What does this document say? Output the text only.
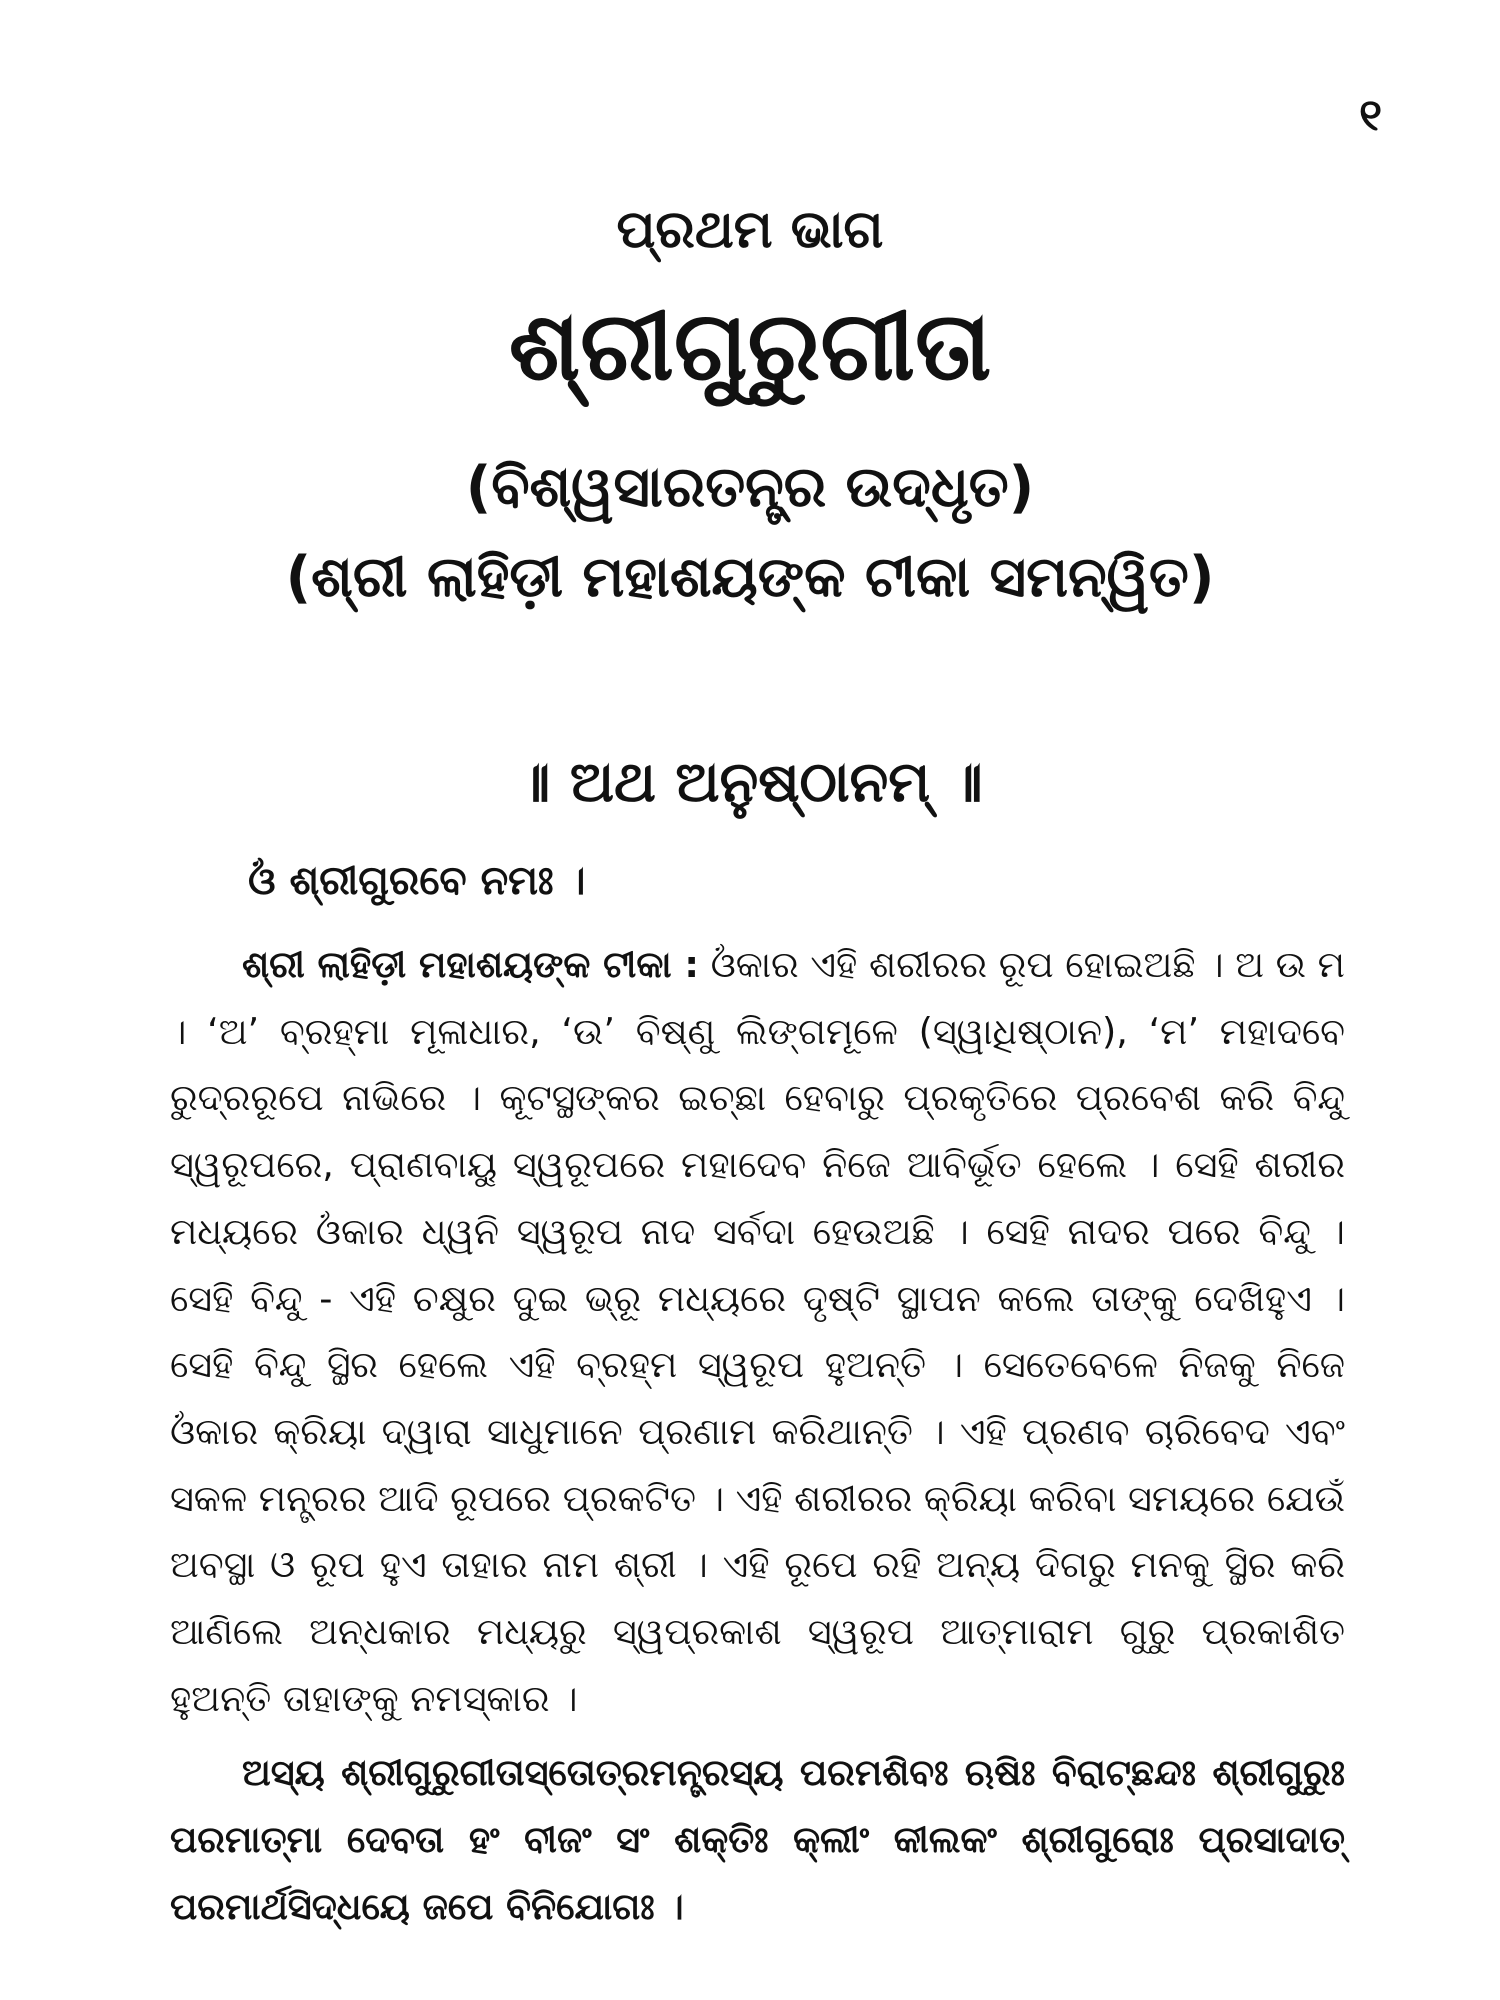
୧
ପ୍ରଥମ ଭାଗ
ଶ୍ରୀଗୁରୁଗୀତା
(ବିଶ୍ୱସାରତନ୍ତ୍ର ଉଦ୍ଧୃତ)
(ଶ୍ରୀ ଲାହିଡ଼ୀ ମହାଶୟଙ୍କ ଟୀକା ସମନ୍ୱିତ)
॥ ଅଥ ଅନୁଷ୍ଠାନମ୍ ॥
ଓଁ ଶ୍ରୀଗୁରବେ ନମଃ ।

ଶ୍ରୀ ଲାହିଡ଼ୀ ମହାଶୟଙ୍କ ଟୀକା : ଓଁକାର ଏହି ଶରୀରର ରୂପ ହୋଇଅଛି । ଅ ଉ ମ । ‘ଅ’ ବ୍ରହ୍ମା ମୂଳାଧାର, ‘ଉ’ ବିଷ୍ଣୁ ଲିଙ୍ଗମୂଳେ (ସ୍ୱାଧିଷ୍ଠାନ), ‘ମ’ ମହାଦବେ ରୁଦ୍ରରୂପେ ନାଭିରେ । କୂଟସ୍ଥଙ୍କର ଇଚ୍ଛା ହେବାରୁ ପ୍ରକୃତିରେ ପ୍ରବେଶ କରି ବିନ୍ଦୁ ସ୍ୱରୂପରେ, ପ୍ରାଣବାୟୁ ସ୍ୱରୂପରେ ମହାଦେବ ନିଜେ ଆବିର୍ଭୂତ ହେଲେ । ସେହି ଶରୀର ମଧ୍ୟରେ ଓଁକାର ଧ୍ୱନି ସ୍ୱରୂପ ନାଦ ସର୍ବଦା ହେଉଅଛି । ସେହି ନାଦର ପରେ ବିନ୍ଦୁ । ସେହି ବିନ୍ଦୁ - ଏହି ଚକ୍ଷୁର ଦୁଇ ଭ୍ରୂ ମଧ୍ୟରେ ଦୃଷ୍ଟି ସ୍ଥାପନ କଲେ ତାଙ୍କୁ ଦେଖିହୁଏ । ସେହି ବିନ୍ଦୁ ସ୍ଥିର ହେଲେ ଏହି ବ୍ରହ୍ମ ସ୍ୱରୂପ ହୁଅନ୍ତି । ସେତେବେଳେ ନିଜକୁ ନିଜେ ଓଁକାର କ୍ରିୟା ଦ୍ୱାରା ସାଧୁମାନେ ପ୍ରଣାମ କରିଥାନ୍ତି । ଏହି ପ୍ରଣବ ଚାରିବେଦ ଏବଂ ସକଳ ମନ୍ତ୍ରର ଆଦି ରୂପରେ ପ୍ରକଟିତ । ଏହି ଶରୀରର କ୍ରିୟା କରିବା ସମୟରେ ଯେଉଁ ଅବସ୍ଥା ଓ ରୂପ ହୁଏ ତାହାର ନାମ ଶ୍ରୀ । ଏହି ରୂପେ ରହି ଅନ୍ୟ ଦିଗରୁ ମନକୁ ସ୍ଥିର କରି ଆଣିଲେ ଅନ୍ଧକାର ମଧ୍ୟରୁ ସ୍ୱପ୍ରକାଶ ସ୍ୱରୂପ ଆତ୍ମାରାମ ଗୁରୁ ପ୍ରକାଶିତ ହୁଅନ୍ତି ତାହାଙ୍କୁ ନମସ୍କାର ।

ଅସ୍ୟ ଶ୍ରୀଗୁରୁଗୀତାସ୍ତୋତ୍ରମନ୍ତ୍ରସ୍ୟ ପରମଶିବଃ ଋଷିଃ ବିରାଟ୍ଛନ୍ଦଃ ଶ୍ରୀଗୁରୁଃ ପରମାତ୍ମା ଦେବତା ହଂ ବୀଜଂ ସଂ ଶକ୍ତିଃ କ୍ଲୀଂ କୀଲକଂ ଶ୍ରୀଗୁରୋଃ ପ୍ରସାଦାତ୍ ପରମାର୍ଥସିଦ୍ଧୟେ ଜପେ ବିନିଯୋଗଃ ।
